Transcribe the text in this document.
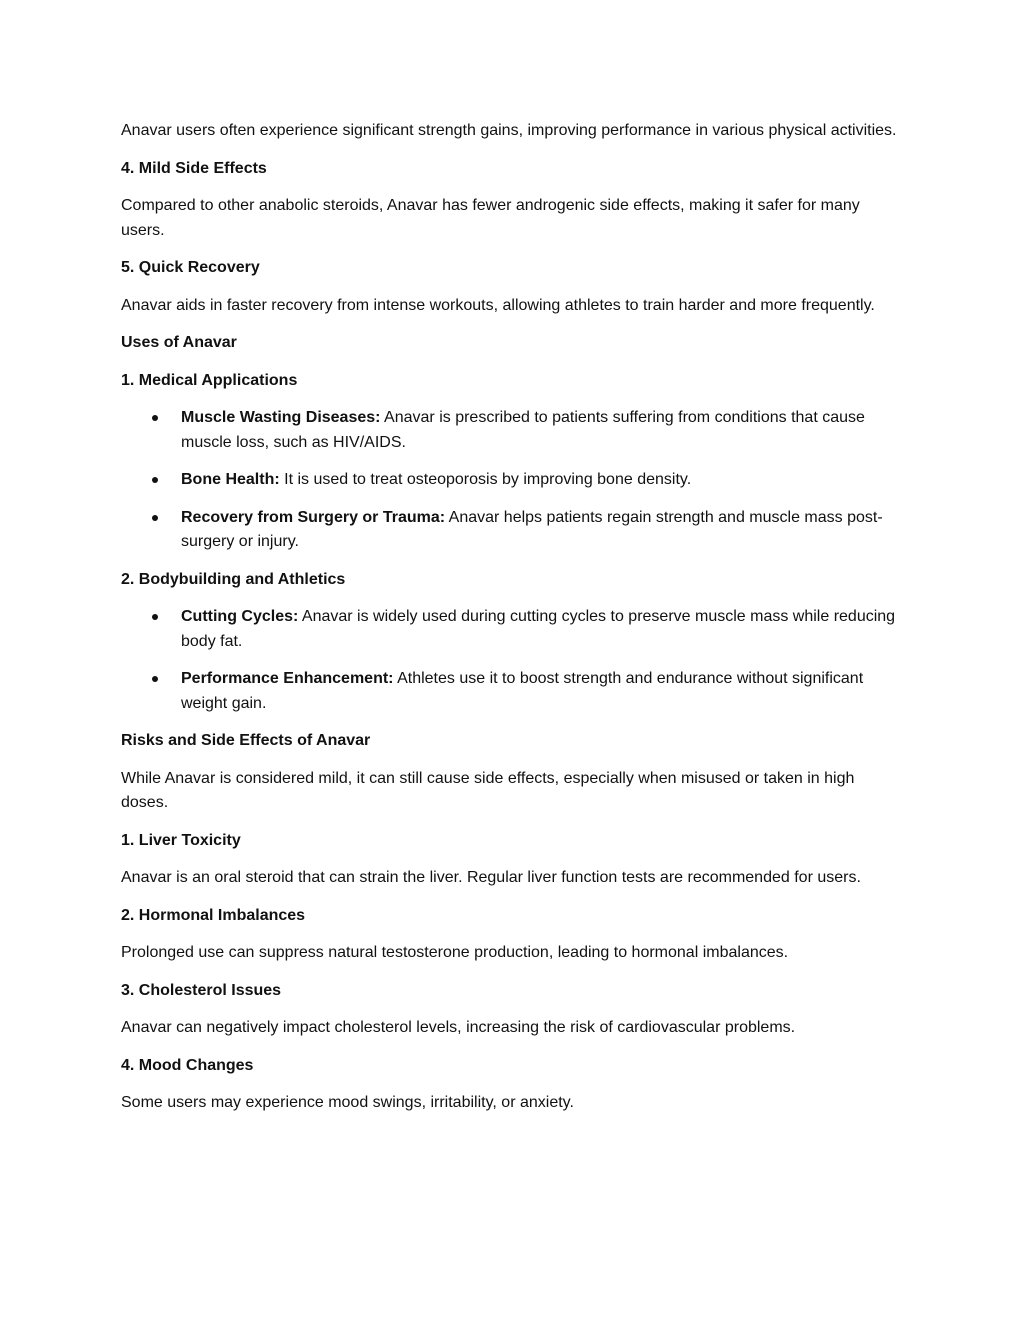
Anavar users often experience significant strength gains, improving performance in various physical activities.

4. Mild Side Effects

Compared to other anabolic steroids, Anavar has fewer androgenic side effects, making it safer for many users.

5. Quick Recovery

Anavar aids in faster recovery from intense workouts, allowing athletes to train harder and more frequently.

Uses of Anavar

1. Medical Applications

Muscle Wasting Diseases: Anavar is prescribed to patients suffering from conditions that cause muscle loss, such as HIV/AIDS.
Bone Health: It is used to treat osteoporosis by improving bone density.
Recovery from Surgery or Trauma: Anavar helps patients regain strength and muscle mass post-surgery or injury.

2. Bodybuilding and Athletics

Cutting Cycles: Anavar is widely used during cutting cycles to preserve muscle mass while reducing body fat.
Performance Enhancement: Athletes use it to boost strength and endurance without significant weight gain.

Risks and Side Effects of Anavar

While Anavar is considered mild, it can still cause side effects, especially when misused or taken in high doses.

1. Liver Toxicity

Anavar is an oral steroid that can strain the liver. Regular liver function tests are recommended for users.

2. Hormonal Imbalances

Prolonged use can suppress natural testosterone production, leading to hormonal imbalances.

3. Cholesterol Issues

Anavar can negatively impact cholesterol levels, increasing the risk of cardiovascular problems.

4. Mood Changes

Some users may experience mood swings, irritability, or anxiety.
